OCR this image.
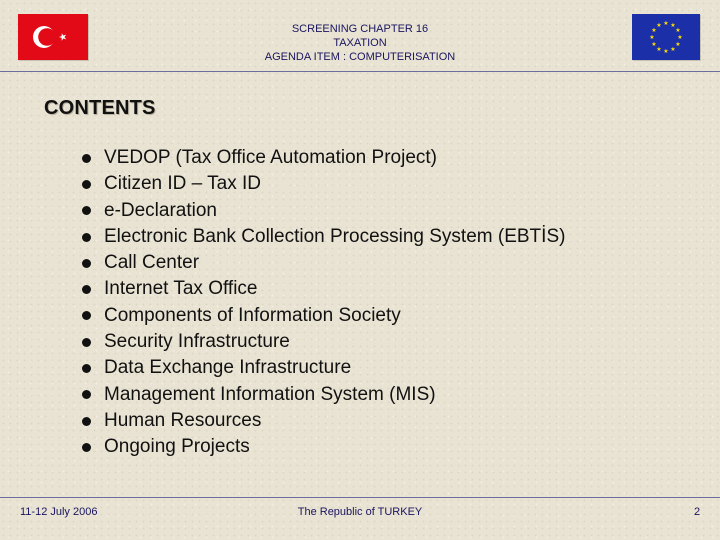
SCREENING CHAPTER 16
TAXATION
AGENDA ITEM : COMPUTERISATION
★ ★
★
★
★
★
★
★
★
★
★
★
CONTENTS
VEDOP (Tax Office Automation Project)
Citizen ID – Tax ID
e-Declaration
Electronic Bank Collection Processing System (EBTİS)
Call Center
Internet Tax Office
Components of Information Society
Security Infrastructure
Data Exchange Infrastructure
Management Information System (MIS)
Human Resources
Ongoing Projects
11-12 July 2006	The Republic of TURKEY	2
